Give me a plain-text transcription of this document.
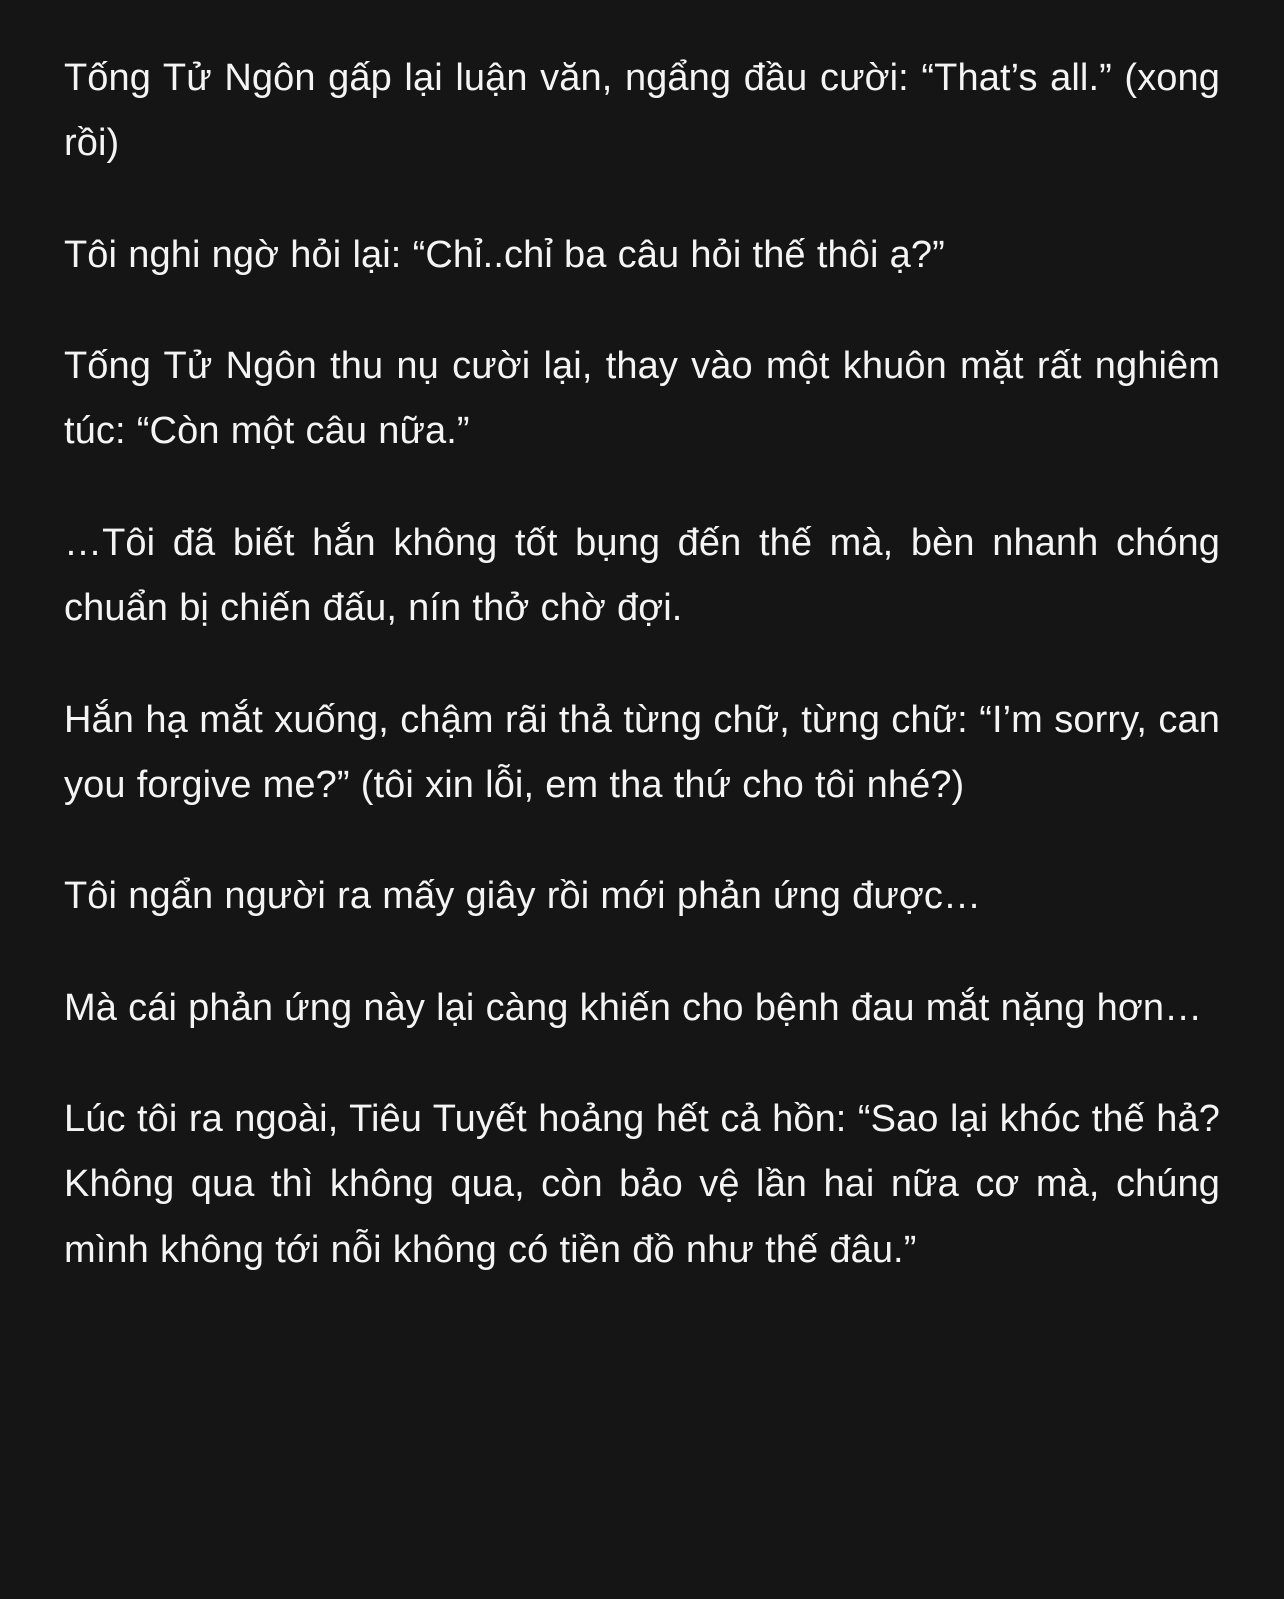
Tống Tử Ngôn gấp lại luận văn, ngẩng đầu cười: “That’s all.” (xong rồi)

Tôi nghi ngờ hỏi lại: “Chỉ..chỉ ba câu hỏi thế thôi ạ?”

Tống Tử Ngôn thu nụ cười lại, thay vào một khuôn mặt rất nghiêm túc: “Còn một câu nữa.”

…Tôi đã biết hắn không tốt bụng đến thế mà, bèn nhanh chóng chuẩn bị chiến đấu, nín thở chờ đợi.

Hắn hạ mắt xuống, chậm rãi thả từng chữ, từng chữ: “I’m sorry, can you forgive me?” (tôi xin lỗi, em tha thứ cho tôi nhé?)

Tôi ngẩn người ra mấy giây rồi mới phản ứng được…

Mà cái phản ứng này lại càng khiến cho bệnh đau mắt nặng hơn…

Lúc tôi ra ngoài, Tiêu Tuyết hoảng hết cả hồn: “Sao lại khóc thế hả? Không qua thì không qua, còn bảo vệ lần hai nữa cơ mà, chúng mình không tới nỗi không có tiền đồ như thế đâu.”
